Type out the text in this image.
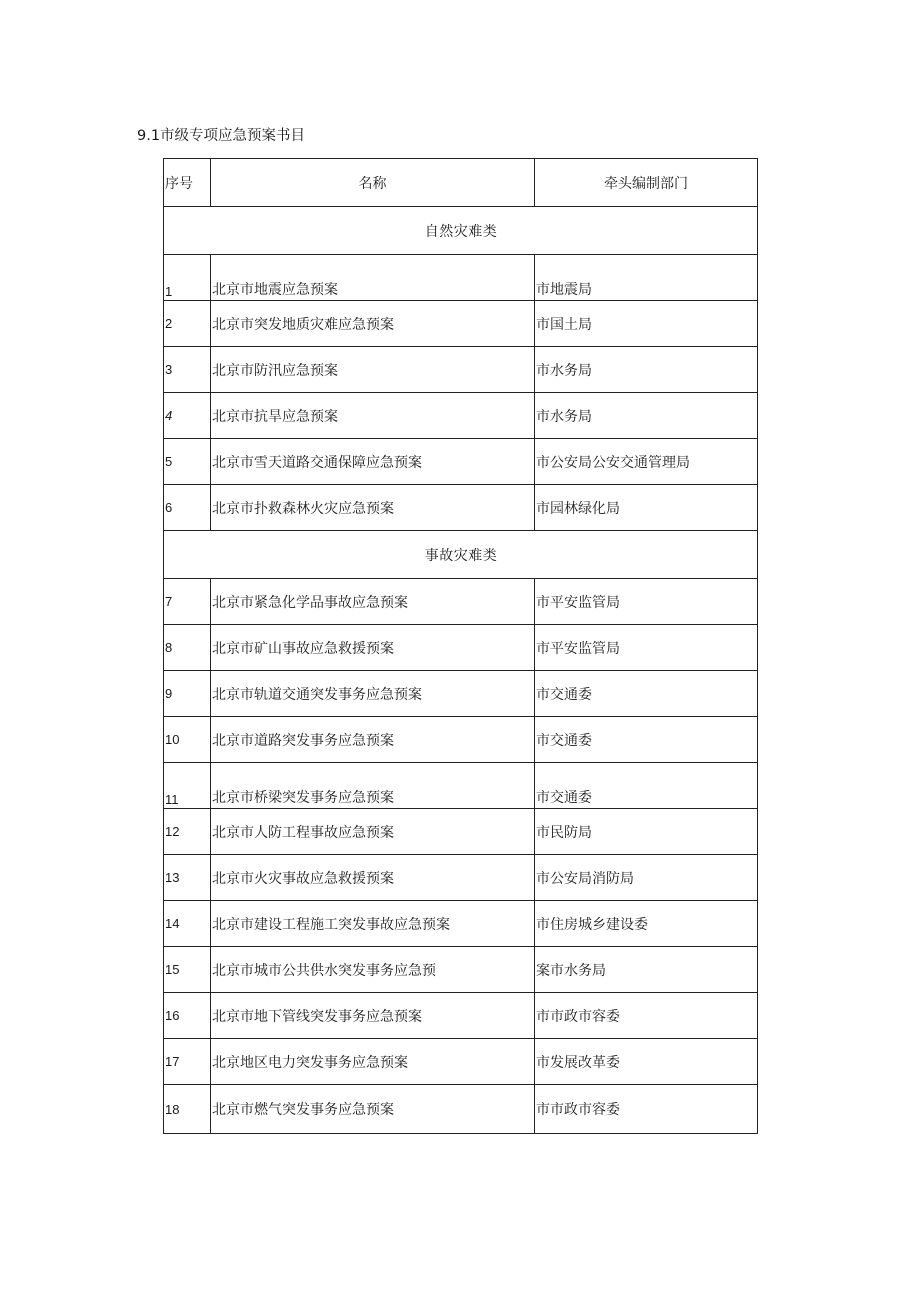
9.1市级专项应急预案书目
序号	名称	牵头编制部门
自然灾难类		
1	北京市地震应急预案	市地震局
2	北京市突发地质灾难应急预案	市国土局
3	北京市防汛应急预案	市水务局
4	北京市抗旱应急预案	市水务局
5	北京市雪天道路交通保障应急预案	市公安局公安交通管理局
6	北京市扑救森林火灾应急预案	市园林绿化局
事故灾难类		
7	北京市紧急化学品事故应急预案	市平安监管局
8	北京市矿山事故应急救援预案	市平安监管局
9	北京市轨道交通突发事务应急预案	市交通委
10	北京市道路突发事务应急预案	市交通委
11	北京市桥梁突发事务应急预案	市交通委
12	北京市人防工程事故应急预案	市民防局
13	北京市火灾事故应急救援预案	市公安局消防局
14	北京市建设工程施工突发事故应急预案	市住房城乡建设委
15	北京市城市公共供水突发事务应急预	案市水务局
16	北京市地下管线突发事务应急预案	市市政市容委
17	北京地区电力突发事务应急预案	市发展改革委
18	北京市燃气突发事务应急预案	市市政市容委
